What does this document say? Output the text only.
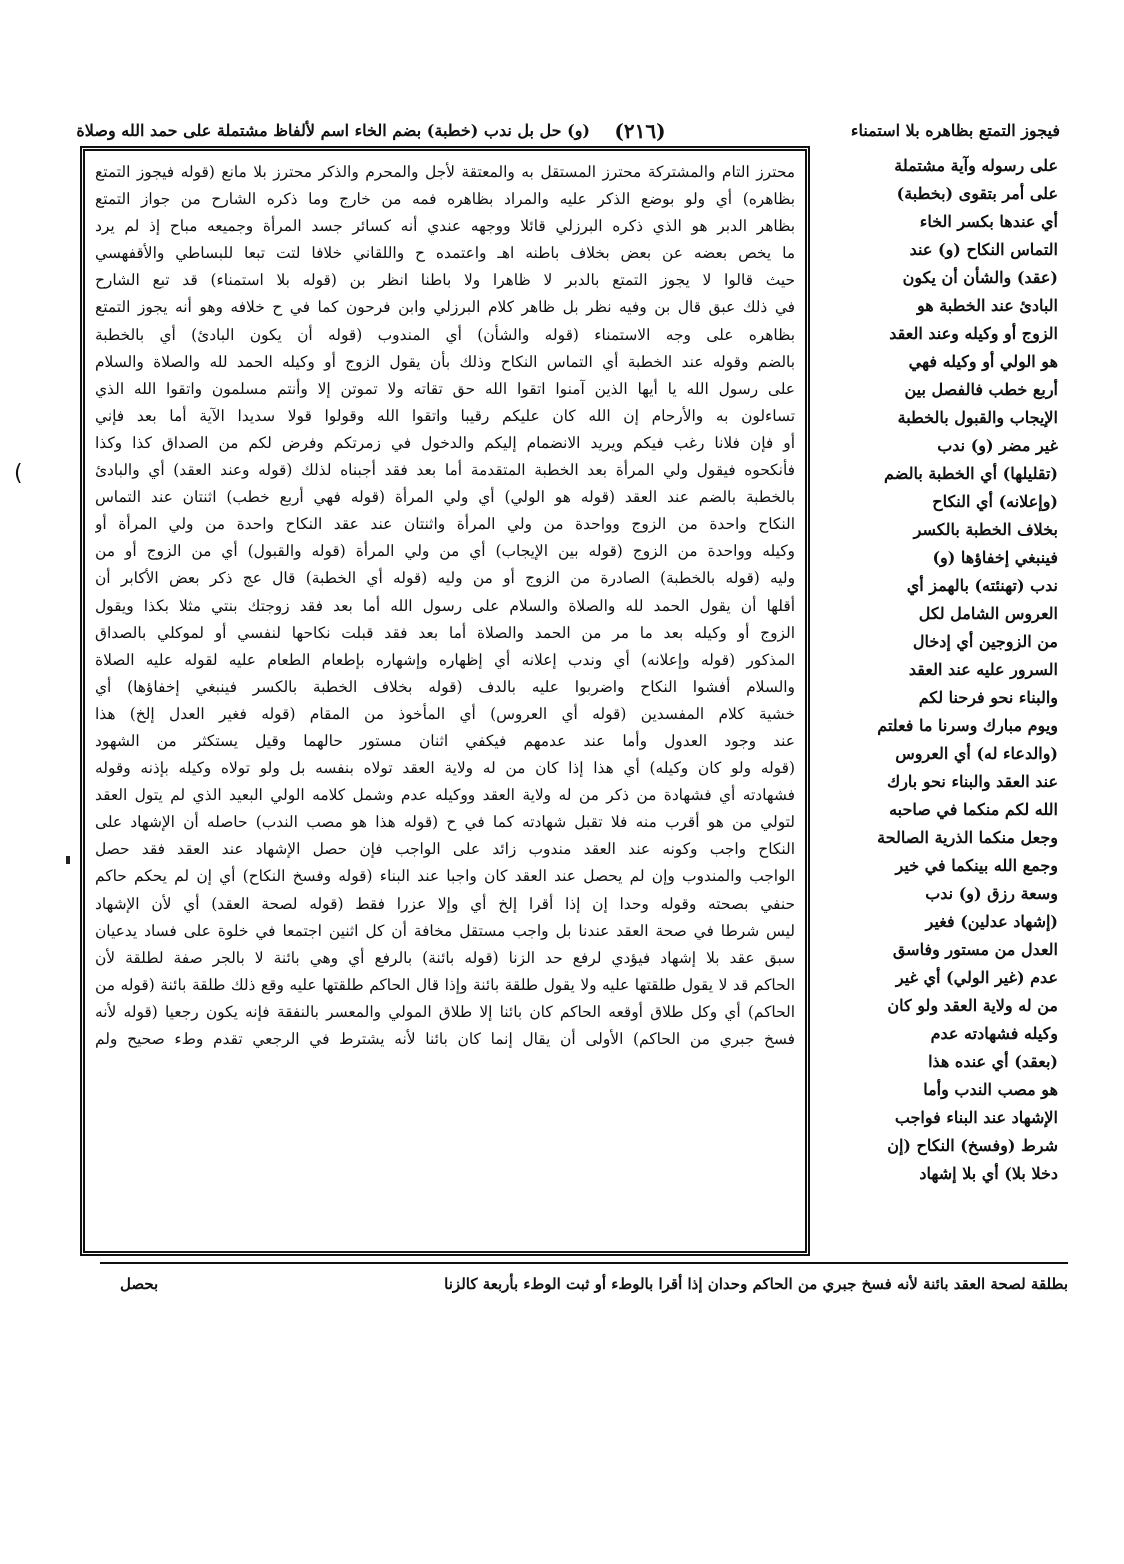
فيجوز التمتع بظاهره بلا استمناء
(٢١٦)
(و) حل بل ندب (خطبة) بضم الخاء اسم لألفاظ مشتملة على حمد الله وصلاة
محترز التام والمشتركة محترز المستقل به والمعتقة لأجل والمحرم والذكر محترز بلا مانع (قوله فيجوز التمتع
بظاهره) أي ولو بوضع الذكر عليه والمراد بظاهره فمه من خارج وما ذكره الشارح من جواز التمتع
بظاهر الدبر هو الذي ذكره البرزلي قائلا ووجهه عندي أنه كسائر جسد المرأة وجميعه مباح إذ لم يرد
ما يخص بعضه عن بعض بخلاف باطنه اهـ واعتمده ح واللقاني خلافا لتت تبعا للبساطي والأقفهسي
حيث قالوا لا يجوز التمتع بالدبر لا ظاهرا ولا باطنا انظر بن (قوله بلا استمناء) قد تبع الشارح
في ذلك عبق قال بن وفيه نظر بل ظاهر كلام البرزلي وابن فرحون كما في ح خلافه وهو أنه يجوز التمتع
بظاهره على وجه الاستمناء (قوله والشأن) أي المندوب (قوله أن يكون البادئ) أي بالخطبة
بالضم وقوله عند الخطبة أي التماس النكاح وذلك بأن يقول الزوج أو وكيله الحمد لله والصلاة والسلام
على رسول الله يا أيها الذين آمنوا اتقوا الله حق تقاته ولا تموتن إلا وأنتم مسلمون واتقوا الله الذي
تساءلون به والأرحام إن الله كان عليكم رقيبا واتقوا الله وقولوا قولا سديدا الآية أما بعد فإني
أو فإن فلانا رغب فيكم ويريد الانضمام إليكم والدخول في زمرتكم وفرض لكم من الصداق كذا وكذا
فأنكحوه فيقول ولي المرأة بعد الخطبة المتقدمة أما بعد فقد أجبناه لذلك (قوله وعند العقد) أي والبادئ
بالخطبة بالضم عند العقد (قوله هو الولي) أي ولي المرأة (قوله فهي أربع خطب) اثنتان عند التماس
النكاح واحدة من الزوج وواحدة من ولي المرأة واثنتان عند عقد النكاح واحدة من ولي المرأة أو
وكيله وواحدة من الزوج (قوله بين الإيجاب) أي من ولي المرأة (قوله والقبول) أي من الزوج أو من
وليه (قوله بالخطبة) الصادرة من الزوج أو من وليه (قوله أي الخطبة) قال عج ذكر بعض الأكابر أن
أقلها أن يقول الحمد لله والصلاة والسلام على رسول الله أما بعد فقد زوجتك بنتي مثلا بكذا ويقول
الزوج أو وكيله بعد ما مر من الحمد والصلاة أما بعد فقد قبلت نكاحها لنفسي أو لموكلي بالصداق
المذكور (قوله وإعلانه) أي وندب إعلانه أي إظهاره وإشهاره بإطعام الطعام عليه لقوله عليه الصلاة
والسلام أفشوا النكاح واضربوا عليه بالدف (قوله بخلاف الخطبة بالكسر فينبغي إخفاؤها) أي
خشية كلام المفسدين (قوله أي العروس) أي المأخوذ من المقام (قوله فغير العدل إلخ) هذا
عند وجود العدول وأما عند عدمهم فيكفي اثنان مستور حالهما وقيل يستكثر من الشهود
(قوله ولو كان وكيله) أي هذا إذا كان من له ولاية العقد تولاه بنفسه بل ولو تولاه وكيله بإذنه وقوله
فشهادته أي فشهادة من ذكر من له ولاية العقد ووكيله عدم وشمل كلامه الولي البعيد الذي لم يتول العقد
لتولي من هو أقرب منه فلا تقبل شهادته كما في ح (قوله هذا هو مصب الندب) حاصله أن الإشهاد على
النكاح واجب وكونه عند العقد مندوب زائد على الواجب فإن حصل الإشهاد عند العقد فقد حصل
الواجب والمندوب وإن لم يحصل عند العقد كان واجبا عند البناء (قوله وفسخ النكاح) أي إن لم يحكم حاكم
حنفي بصحته وقوله وحدا إن إذا أقرا إلخ أي وإلا عزرا فقط (قوله لصحة العقد) أي لأن الإشهاد
ليس شرطا في صحة العقد عندنا بل واجب مستقل مخافة أن كل اثنين اجتمعا في خلوة على فساد يدعيان
سبق عقد بلا إشهاد فيؤدي لرفع حد الزنا (قوله بائنة) بالرفع أي وهي بائنة لا بالجر صفة لطلقة لأن
الحاكم قد لا يقول طلقتها عليه ولا يقول طلقة بائنة وإذا قال الحاكم طلقتها عليه وقع ذلك طلقة بائنة (قوله من
الحاكم) أي وكل طلاق أوقعه الحاكم كان بائنا إلا طلاق المولي والمعسر بالنفقة فإنه يكون رجعيا (قوله لأنه
فسخ جبري من الحاكم) الأولى أن يقال إنما كان بائنا لأنه يشترط في الرجعي تقدم وطء صحيح ولم
على رسوله وآية مشتملة
على أمر بتقوى (بخطبة)
أي عندها بكسر الخاء
التماس النكاح (و) عند
(عقد) والشأن أن يكون
البادئ عند الخطبة هو
الزوج أو وكيله وعند العقد
هو الولي أو وكيله فهي
أربع خطب فالفصل بين
الإيجاب والقبول بالخطبة
غير مضر (و) ندب
(تقليلها) أي الخطبة بالضم
(وإعلانه) أي النكاح
بخلاف الخطبة بالكسر
فينبغي إخفاؤها (و)
ندب (تهنئته) بالهمز أي
العروس الشامل لكل
من الزوجين أي إدخال
السرور عليه عند العقد
والبناء نحو فرحنا لكم
ويوم مبارك وسرنا ما فعلتم
(والدعاء له) أي العروس
عند العقد والبناء نحو بارك
الله لكم منكما في صاحبه
وجعل منكما الذرية الصالحة
وجمع الله بينكما في خير
وسعة رزق (و) ندب
(إشهاد عدلين) فغير
العدل من مستور وفاسق
عدم (غير الولي) أي غير
من له ولاية العقد ولو كان
وكيله فشهادته عدم
(بعقد) أي عنده هذا
هو مصب الندب وأما
الإشهاد عند البناء فواجب
شرط (وفسخ) النكاح (إن
دخلا بلا) أي بلا إشهاد
بطلقة لصحة العقد بائنة لأنه فسخ جبري من الحاكم وحدان إذا أقرا بالوطء أو ثبت الوطء بأربعة كالزنا
بحصل
(
